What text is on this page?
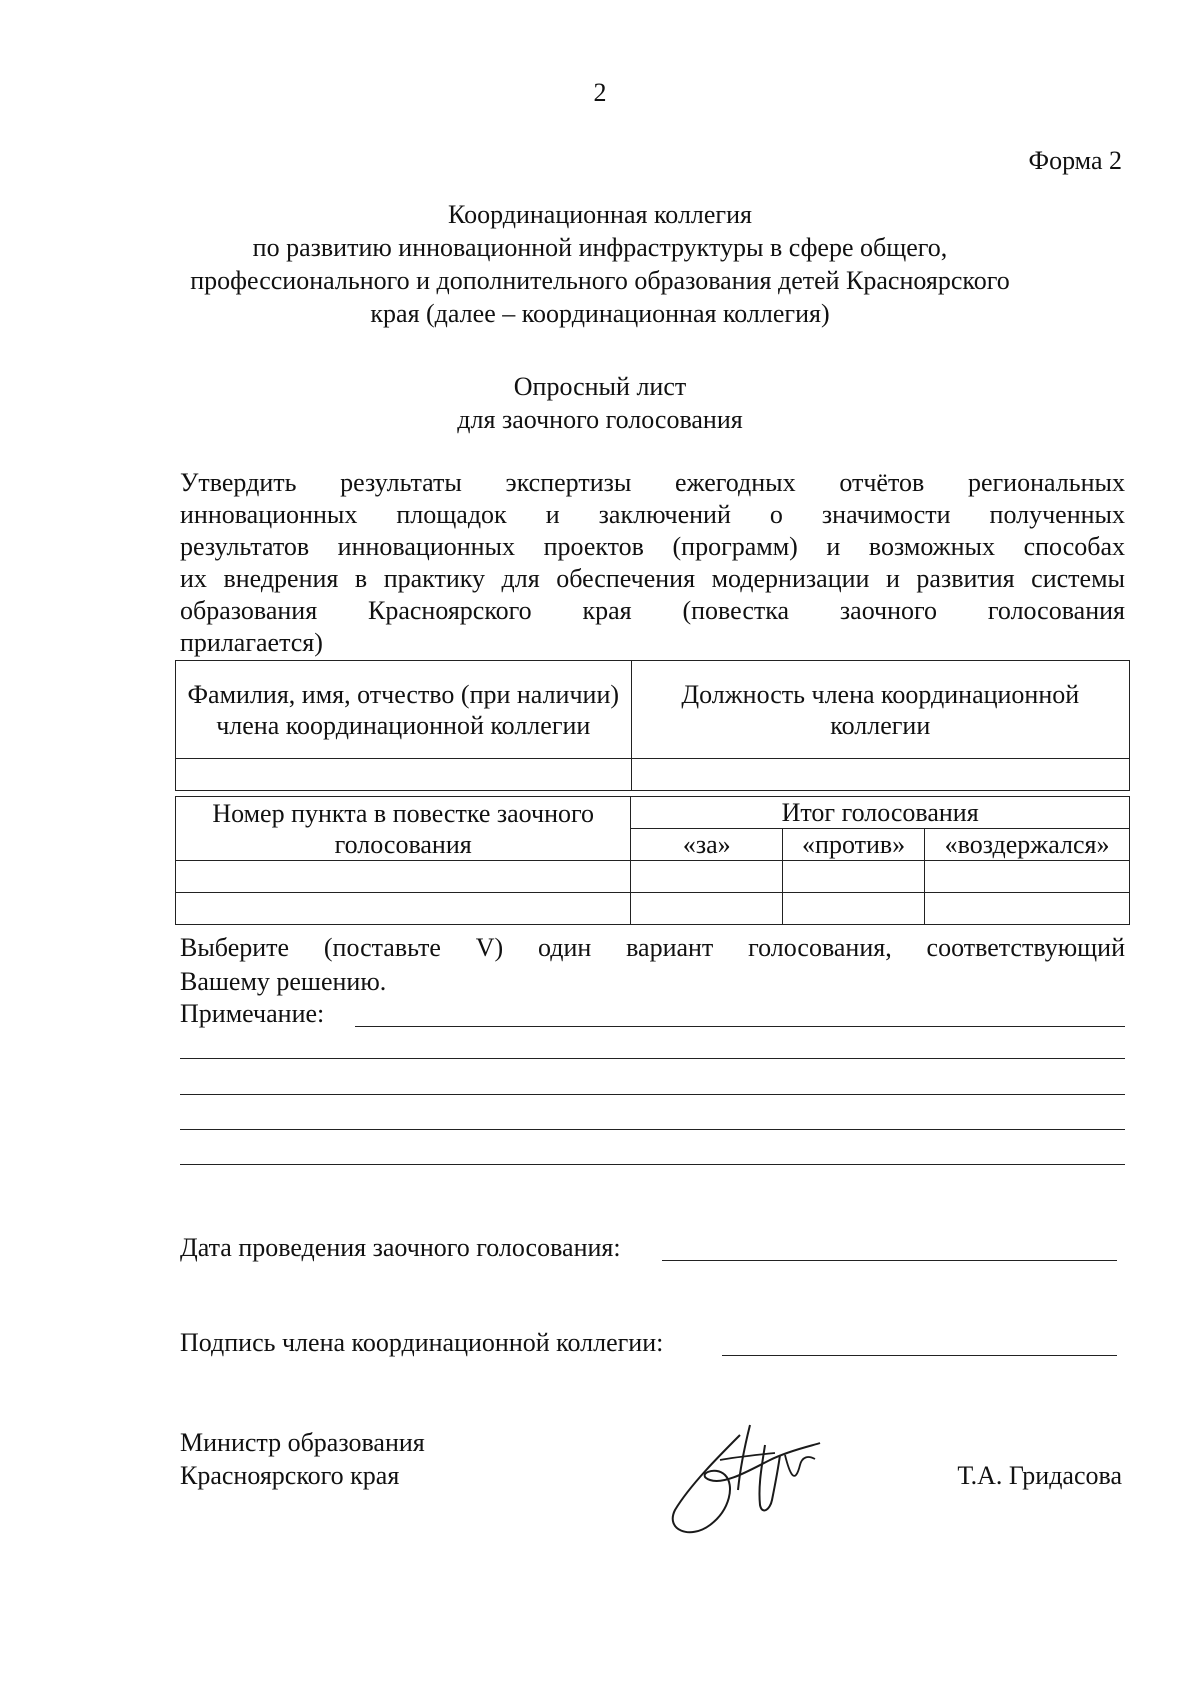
2
Форма 2
Координационная коллегия
по развитию инновационной инфраструктуры в сфере общего,
профессионального и дополнительного образования детей Красноярского
края (далее – координационная коллегия)
Опросный лист
для заочного голосования
Утвердить результаты экспертизы ежегодных отчётов региональных
инновационных площадок и заключений о значимости полученных
результатов инновационных проектов (программ) и возможных способах
их внедрения в практику для обеспечения модернизации и развития системы
образования Красноярского края (повестка заочного голосования
прилагается)
Фамилия, имя, отчество (при наличии) члена координационной коллегии	Должность члена координационной коллегии

Номер пункта в повестке заочного голосования	Итог голосования		
	«за»	«против»	«воздержался»

Выберите (поставьте V) один вариант голосования, соответствующий
Вашему решению.
Примечание:
Дата проведения заочного голосования:
Подпись члена координационной коллегии:
Министр образования
Красноярского края	Т.А. Гридасова
